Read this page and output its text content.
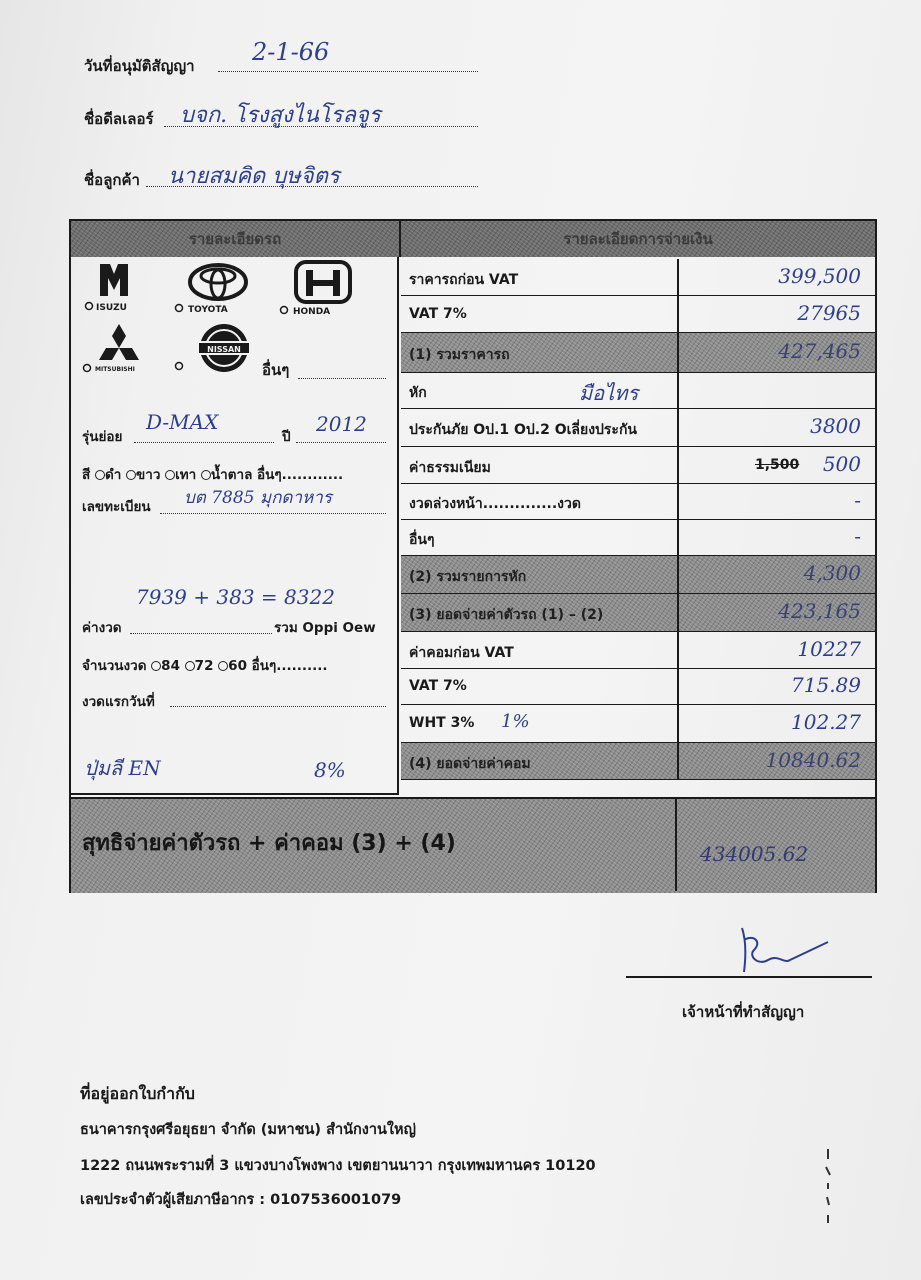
วันที่อนุมัติสัญญา 2-1-66
ชื่อดีลเลอร์ บจก. โรงสูงไนโรลจูร
ชื่อลูกค้า นายสมคิด บุษจิตร
รายละเอียดรถ	รายละเอียดการจ่ายเงิน
ISUZU	TOYOTA	HONDA
MITSUBISHI
NISSAN
อื่นๆ
รุ่นย่อย
D-MAX
ปี
2012
สี ดำ ขาว เทา น้ำตาล อื่นๆ............
เลขทะเบียน บต 7885 มุกดาหาร
7939 + 383 = 8322
ค่างวด	รวม Oppi Oew
จำนวนงวด 84 72 60 อื่นๆ..........
งวดแรกวันที่
ปุ่มลี EN	8%
ราคารถก่อน VAT	399,500
VAT 7%	27965
(1) รวมราคารถ	427,465
หัก	มือไทร
ประกันภัย Oป.1 Oป.2 Oเลี่ยงประกัน	3800
ค่าธรรมเนียม	1,500 500
งวดล่วงหน้า..............งวด	-
อื่นๆ	-
(2) รวมรายการหัก	4,300
(3) ยอดจ่ายค่าตัวรถ (1) – (2)	423,165
ค่าคอมก่อน VAT	10227
VAT 7%	715.89
WHT 3% 1%	102.27
(4) ยอดจ่ายค่าคอม	10840.62
สุทธิจ่ายค่าตัวรถ + ค่าคอม (3) + (4)	434005.62
เจ้าหน้าที่ทำสัญญา
ที่อยู่ออกใบกำกับ
ธนาคารกรุงศรีอยุธยา จำกัด (มหาชน) สำนักงานใหญ่
1222 ถนนพระรามที่ 3 แขวงบางโพงพาง เขตยานนาวา กรุงเทพมหานคร 10120
เลขประจำตัวผู้เสียภาษีอากร : 0107536001079
